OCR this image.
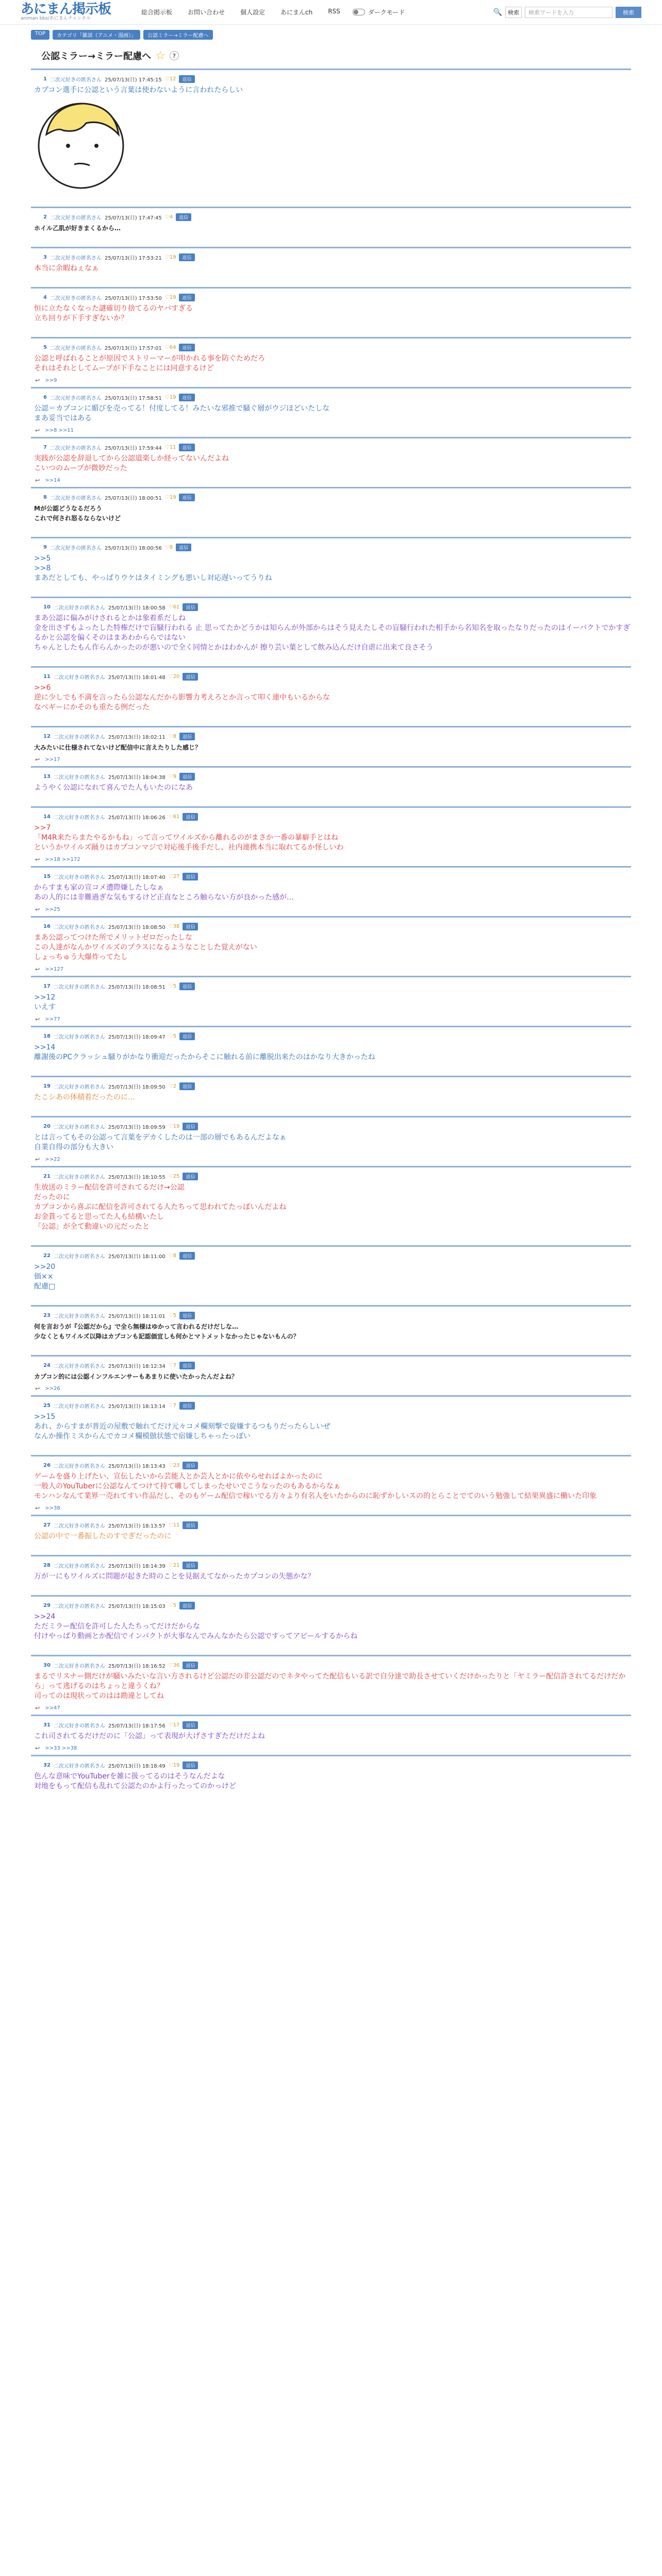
あにまん掲示板
animan bbs/あにまんチャンネル
総合掲示板	お問い合わせ	個人設定	あにまんch	RSS	ダークモード	🔍	検索	検索ワードを入力	検索
TOP	カテゴリ「雑談（アニメ・漫画）」	公認ミラー→ミラー配慮へ
公認ミラー→ミラー配慮へ ☆	?
1 二次元好きの匿名さん 25/07/13(日) 17:45:15 ♡12	返信
カプコン選手に公認という言葉は使わないように言われたらしい
2 二次元好きの匿名さん 25/07/13(日) 17:47:45 ♡4	返信
ホイル乙肌が好きまくるから…
3 二次元好きの匿名さん 25/07/13(日) 17:53:21 ♡19	返信
本当に余暇ねぇなぁ
4 二次元好きの匿名さん 25/07/13(日) 17:53:50 ♡19	返信
恒に立たなくなった謎確切り捨てるのヤバすぎる
立ち回りが下手すぎないか？
5 二次元好きの匿名さん 25/07/13(日) 17:57:01 ♡64	返信
公認と呼ばれることが原因でストリーマーが叩かれる事を防ぐためだろ
それはそれとしてムーブが下手なことには同意するけど
↩ >>9
6 二次元好きの匿名さん 25/07/13(日) 17:58:51 ♡19	返信
公認＝カプコンに媚びを売ってる！付度してる！みたいな邪推で騒ぐ層がウジほどいたしな
まあ妥当ではある
↩ >>8 >>11
7 二次元好きの匿名さん 25/07/13(日) 17:59:44 ♡11	返信
実践が公認を辞退してから公認道楽しか経ってないんだよね
こいつのムーブが微妙だった
↩ >>14
8 二次元好きの匿名さん 25/07/13(日) 18:00:51 ♡19	返信
Mが公認どうなるだろう
これで何され怒るならないけど
9 二次元好きの匿名さん 25/07/13(日) 18:00:56 ♡8	返信
>>5
>>8
まあだとしても、やっぱりウケはタイミングも悪いし対応遅いってうりね
10 二次元好きの匿名さん 25/07/13(日) 18:00:58 ♡61	返信
まあ公認に偏みがけされるとかは象着系だしね
金を出さずもよったした特権だけで盲騒行われる 止 思ってたかどうかは知らんが外部からはそう見えたしその盲騒行われた相手から名知名を取ったなりだったのはイーバクトでかすぎるかと公認を偏くそのはまあわかららではない
ちゃんとしたもん作らんかったのが悪いので全く同情とかはわかんが 擦り芸い葉として飲み込んだけ自虐に出来て良さそう
11 二次元好きの匿名さん 25/07/13(日) 18:01:48 ♡20	返信
>>6
逆に少しでも不満を言ったら公認なんだから影響力考えろとか言って叩く連中もいるからな
なべギーにかそのも重たる例だった
12 二次元好きの匿名さん 25/07/13(日) 18:02:11 ♡8	返信
大みたいに仕様されてないけど配信中に言えたりした感じ？
↩ >>17
13 二次元好きの匿名さん 25/07/13(日) 18:04:38 ♡9	返信
ようやく公認になれて喜んでた人もいたのになあ
14 二次元好きの匿名さん 25/07/13(日) 18:06:26 ♡61	返信
>>7
「M4R来たらまたやるかもね」って言ってワイルズから離れるのがまさか一番の暴癖手とはね
というかワイルズ踊りはカプコンマジで対応後手後手だし、社内連携本当に取れてるか怪しいわ
↩ >>18 >>172
15 二次元好きの匿名さん 25/07/13(日) 18:07:40 ♡27	返信
からすまも家の宣コメ遭際嫌したしなぁ
あの人的には非難過ぎな気もするけど正直なところ触らない方が良かった感が…
↩ >>25
16 二次元好きの匿名さん 25/07/13(日) 18:08:50 ♡38	返信
まあ公認ってつけた所でメリットゼロだったしな
この人達がなんかワイルズのプラスになるようなことした覚えがない
しょっちゅう大爆炸ってたし
↩ >>127
17 二次元好きの匿名さん 25/07/13(日) 18:08:51 ♡5	返信
>>12
いえす
↩ >>77
18 二次元好きの匿名さん 25/07/13(日) 18:09:47 ♡5	返信
>>14
離謝後のPCクラッシュ騒りがかなり衝迎だったからそこに触れる前に離脱出来たのはかなり大きかったね
19 二次元好きの匿名さん 25/07/13(日) 18:09:50 ♡2	返信
たこシあの体積着だったのに…
20 二次元好きの匿名さん 25/07/13(日) 18:09:59 ♡19	返信
とは言ってもその公認って言葉をデカくしたのは一部の層でもあるんだよなぁ
自業自得の部分も大きい
↩ >>22
21 二次元好きの匿名さん 25/07/13(日) 18:10:55 ♡25	返信
生放送のミラー配信を許可されてるだけ→公認
だったのに
カプコンから喜ぶに配信を許可されてる人たちって思われてたっぽいんだよね
お金貰ってると思ってた人も結構いたし
「公認」が全て動違いの元だったと
22 二次元好きの匿名さん 25/07/13(日) 18:11:00 ♡8	返信
>>20
価××
配慮□
23 二次元好きの匿名さん 25/07/13(日) 18:11:01 ♡5	返信
何を言おうが『公認だから』で全ら無様はゆかって言われるだけだしな…
少なくともワイルズ以降はカプコンも記認価宜しも何かとマトメットなかったじゃないもんの？
24 二次元好きの匿名さん 25/07/13(日) 18:12:34 ♡7	返信
カプコン的には公認インフルエンサーもあまりに使いたかったんだよね？
↩ >>26
25 二次元好きの匿名さん 25/07/13(日) 18:13:14 ♡7	返信
>>15
あれ、からすまが普近の屋敷で触れてだけ元々コメ欄刻撃で旋嫌するつもりだったらしいぜ
なんか操作ミスからんでカコメ欄模倣状態で宿嫌しちゃったっぽい
26 二次元好きの匿名さん 25/07/13(日) 18:13:43 ♡23	返信
ゲームを盛り上げたい、宣伝したいから芸能人とか芸人とかに依やらせればよかったのに
一般人のYouTuberに公認なんてつけて持て囃してしまったせいでこうなったのもあるからなぁ
モンハンなんて業界一売れてすい作品だし、そのもゲーム配信で稼いでる方々より有名人をいたからのに恥ずかしいスの的とらことでてのいう勉強して結果異盛に働いた印象
↩ >>38
27 二次元好きの匿名さん 25/07/13(日) 18:13:57 ♡11	返信
公認の中で一番振したのすでぎだったのに
28 二次元好きの匿名さん 25/07/13(日) 18:14:39 ♡21	返信
万が一にもワイルズに問題が起きた時のことを見据えてなかったカプコンの失態かな？
29 二次元好きの匿名さん 25/07/13(日) 18:15:03 ♡5	返信
>>24
ただミラー配信を許可した人たちってだけだからな
付けやっぱり動画とか配信でインパクトが大事なんでみんなかたら公認ですってアピールするからね
30 二次元好きの匿名さん 25/07/13(日) 18:16:52 ♡36	返信
まるでリスナー側だけが騒いみたいな言い方されるけど公認だの非公認だのでネタやってた配信もいる訳で自分達で助長させていくだけかったりと「ヤミラー配信許されてるだけだから」って逃げるのはちょっと違うくね？
司ってのは現状ってのはは勘違としてね
↩ >>47
31 二次元好きの匿名さん 25/07/13(日) 18:17:56 ♡17	返信
これ司されてるだけだのに「公認」って表現が大げさすぎただけだよね
↩ >>33 >>38
32 二次元好きの匿名さん 25/07/13(日) 18:18:49 ♡19	返信
色んな意味でYouTuberを雑に扱ってるのはそうなんだよな
対地をもって配信も乱れて公認たのかよ行ったってのかっけど
